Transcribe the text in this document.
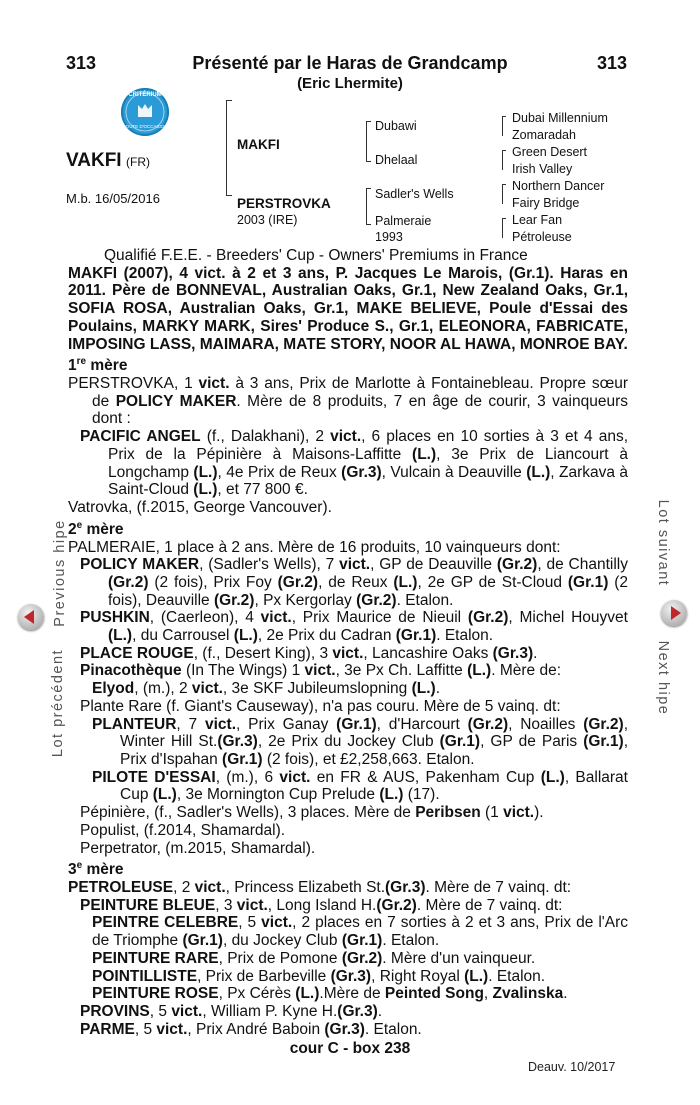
313	Présenté par le Haras de Grandcamp	313
(Eric Lhermite)
CRITÉRIUM
COUTE D'OCCASION
VAKFI (FR)
M.b. 16/05/2016
MAKFI
PERSTROVKA
2003 (IRE)
Dubawi
Dhelaal
Sadler's Wells
Palmeraie
1993
Dubai Millennium
Zomaradah
Green Desert
Irish Valley
Northern Dancer
Fairy Bridge
Lear Fan
Pétroleuse

Qualifié F.E.E. - Breeders' Cup - Owners' Premiums in France

MAKFI (2007), 4 vict. à 2 et 3 ans, P. Jacques Le Marois, (Gr.1). Haras en 2011. Père de BONNEVAL, Australian Oaks, Gr.1, New Zealand Oaks, Gr.1, SOFIA ROSA, Australian Oaks, Gr.1, MAKE BELIEVE, Poule d'Essai des Poulains, MARKY MARK, Sires' Produce S., Gr.1, ELEONORA, FABRICATE, IMPOSING LASS, MAIMARA, MATE STORY, NOOR AL HAWA, MONROE BAY.

1re mère

PERSTROVKA, 1 vict. à 3 ans, Prix de Marlotte à Fontainebleau. Propre sœur de POLICY MAKER. Mère de 8 produits, 7 en âge de courir, 3 vainqueurs dont :

PACIFIC ANGEL (f., Dalakhani), 2 vict., 6 places en 10 sorties à 3 et 4 ans, Prix de la Pépinière à Maisons-Laffitte (L.), 3e Prix de Liancourt à Longchamp (L.), 4e Prix de Reux (Gr.3), Vulcain à Deauville (L.), Zarkava à Saint-Cloud (L.), et 77 800 €.

Vatrovka, (f.2015, George Vancouver).

2e mère

PALMERAIE, 1 place à 2 ans. Mère de 16 produits, 10 vainqueurs dont:

POLICY MAKER, (Sadler's Wells), 7 vict., GP de Deauville (Gr.2), de Chantilly (Gr.2) (2 fois), Prix Foy (Gr.2), de Reux (L.), 2e GP de St-Cloud (Gr.1) (2 fois), Deauville (Gr.2), Px Kergorlay (Gr.2). Etalon.

PUSHKIN, (Caerleon), 4 vict., Prix Maurice de Nieuil (Gr.2), Michel Houyvet (L.), du Carrousel (L.), 2e Prix du Cadran (Gr.1). Etalon.

PLACE ROUGE, (f., Desert King), 3 vict., Lancashire Oaks (Gr.3).

Pinacothèque (In The Wings) 1 vict., 3e Px Ch. Laffitte (L.). Mère de:

Elyod, (m.), 2 vict., 3e SKF Jubileumslopning (L.).

Plante Rare (f. Giant's Causeway), n'a pas couru. Mère de 5 vainq. dt:

PLANTEUR, 7 vict., Prix Ganay (Gr.1), d'Harcourt (Gr.2), Noailles (Gr.2), Winter Hill St.(Gr.3), 2e Prix du Jockey Club (Gr.1), GP de Paris (Gr.1), Prix d'Ispahan (Gr.1) (2 fois), et £2,258,663. Etalon.

PILOTE D'ESSAI, (m.), 6 vict. en FR & AUS, Pakenham Cup (L.), Ballarat Cup (L.), 3e Mornington Cup Prelude (L.) (17).

Pépinière, (f., Sadler's Wells), 3 places. Mère de Peribsen (1 vict.).

Populist, (f.2014, Shamardal).

Perpetrator, (m.2015, Shamardal).

3e mère

PETROLEUSE, 2 vict., Princess Elizabeth St.(Gr.3). Mère de 7 vainq. dt:

PEINTURE BLEUE, 3 vict., Long Island H.(Gr.2). Mère de 7 vainq. dt:

PEINTRE CELEBRE, 5 vict., 2 places en 7 sorties à 2 et 3 ans, Prix de l'Arc de Triomphe (Gr.1), du Jockey Club (Gr.1). Etalon.

PEINTURE RARE, Prix de Pomone (Gr.2). Mère d'un vainqueur.

POINTILLISTE, Prix de Barbeville (Gr.3), Right Royal (L.). Etalon.

PEINTURE ROSE, Px Cérès (L.).Mère de Peinted Song, Zvalinska.

PROVINS, 5 vict., William P. Kyne H.(Gr.3).

PARME, 5 vict., Prix André Baboin (Gr.3). Etalon.

cour C - box 238
Deauv. 10/2017
Previous hipe
Lot précédent
Lot suivant
Next hipe
